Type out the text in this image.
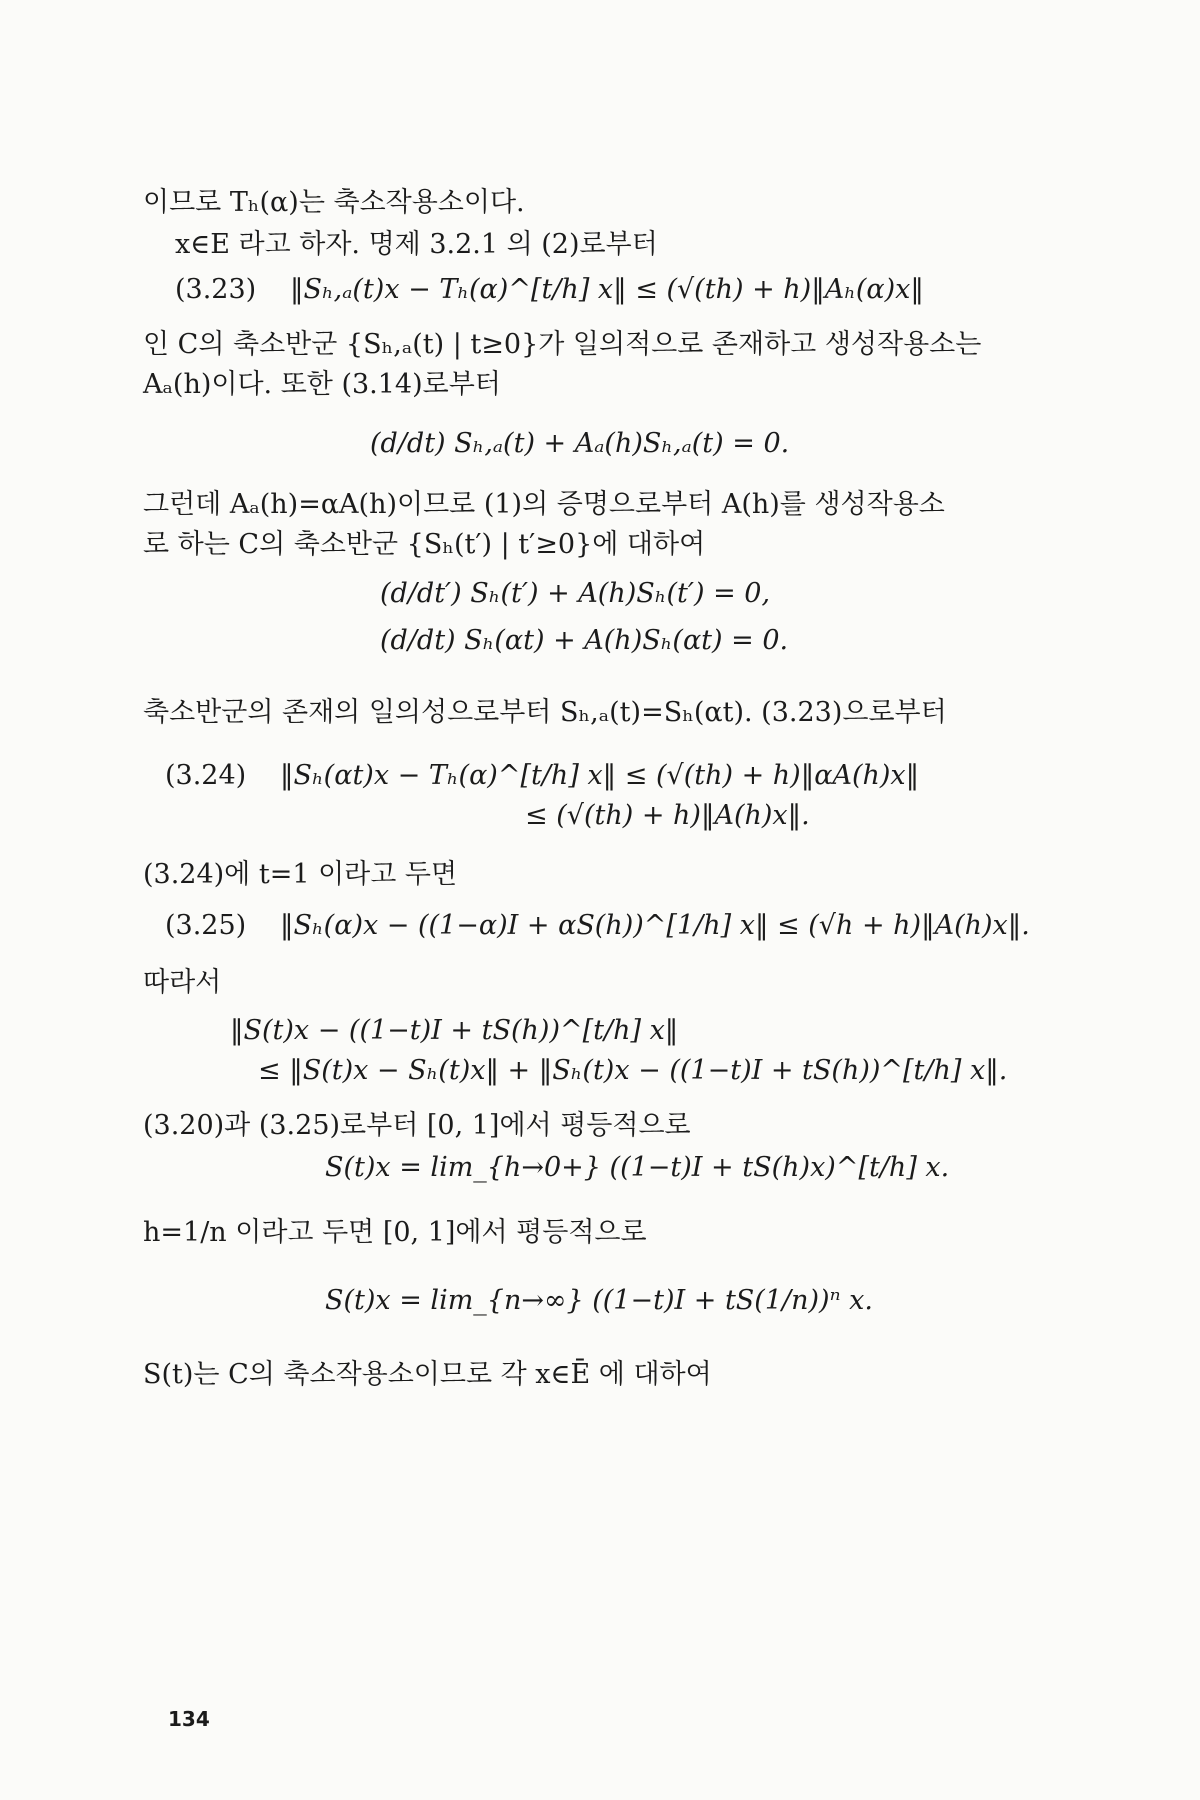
이므로 Tₕ(α)는 축소작용소이다.
x∈E 라고 하자. 명제 3.2.1 의 (2)로부터
(3.23) ‖Sₕ,ₐ(t)x − Tₕ(α)^[t/h] x‖ ≤ (√(th) + h)‖Aₕ(α)x‖
인 C의 축소반군 {Sₕ,ₐ(t) | t≥0}가 일의적으로 존재하고 생성작용소는
Aₐ(h)이다. 또한 (3.14)로부터
(d/dt) Sₕ,ₐ(t) + Aₐ(h)Sₕ,ₐ(t) = 0.
그런데 Aₐ(h)=αA(h)이므로 (1)의 증명으로부터 A(h)를 생성작용소
로 하는 C의 축소반군 {Sₕ(t′) | t′≥0}에 대하여
(d/dt′) Sₕ(t′) + A(h)Sₕ(t′) = 0,
(d/dt) Sₕ(αt) + A(h)Sₕ(αt) = 0.
축소반군의 존재의 일의성으로부터 Sₕ,ₐ(t)=Sₕ(αt). (3.23)으로부터
(3.24) ‖Sₕ(αt)x − Tₕ(α)^[t/h] x‖ ≤ (√(th) + h)‖αA(h)x‖
≤ (√(th) + h)‖A(h)x‖.
(3.24)에 t=1 이라고 두면
(3.25) ‖Sₕ(α)x − ((1−α)I + αS(h))^[1/h] x‖ ≤ (√h + h)‖A(h)x‖.
따라서
‖S(t)x − ((1−t)I + tS(h))^[t/h] x‖
≤ ‖S(t)x − Sₕ(t)x‖ + ‖Sₕ(t)x − ((1−t)I + tS(h))^[t/h] x‖.
(3.20)과 (3.25)로부터 [0, 1]에서 평등적으로
S(t)x = lim_{h→0+} ((1−t)I + tS(h)x)^[t/h] x.
h=1/n 이라고 두면 [0, 1]에서 평등적으로
S(t)x = lim_{n→∞} ((1−t)I + tS(1/n))ⁿ x.
S(t)는 C의 축소작용소이므로 각 x∈Ē 에 대하여
134
